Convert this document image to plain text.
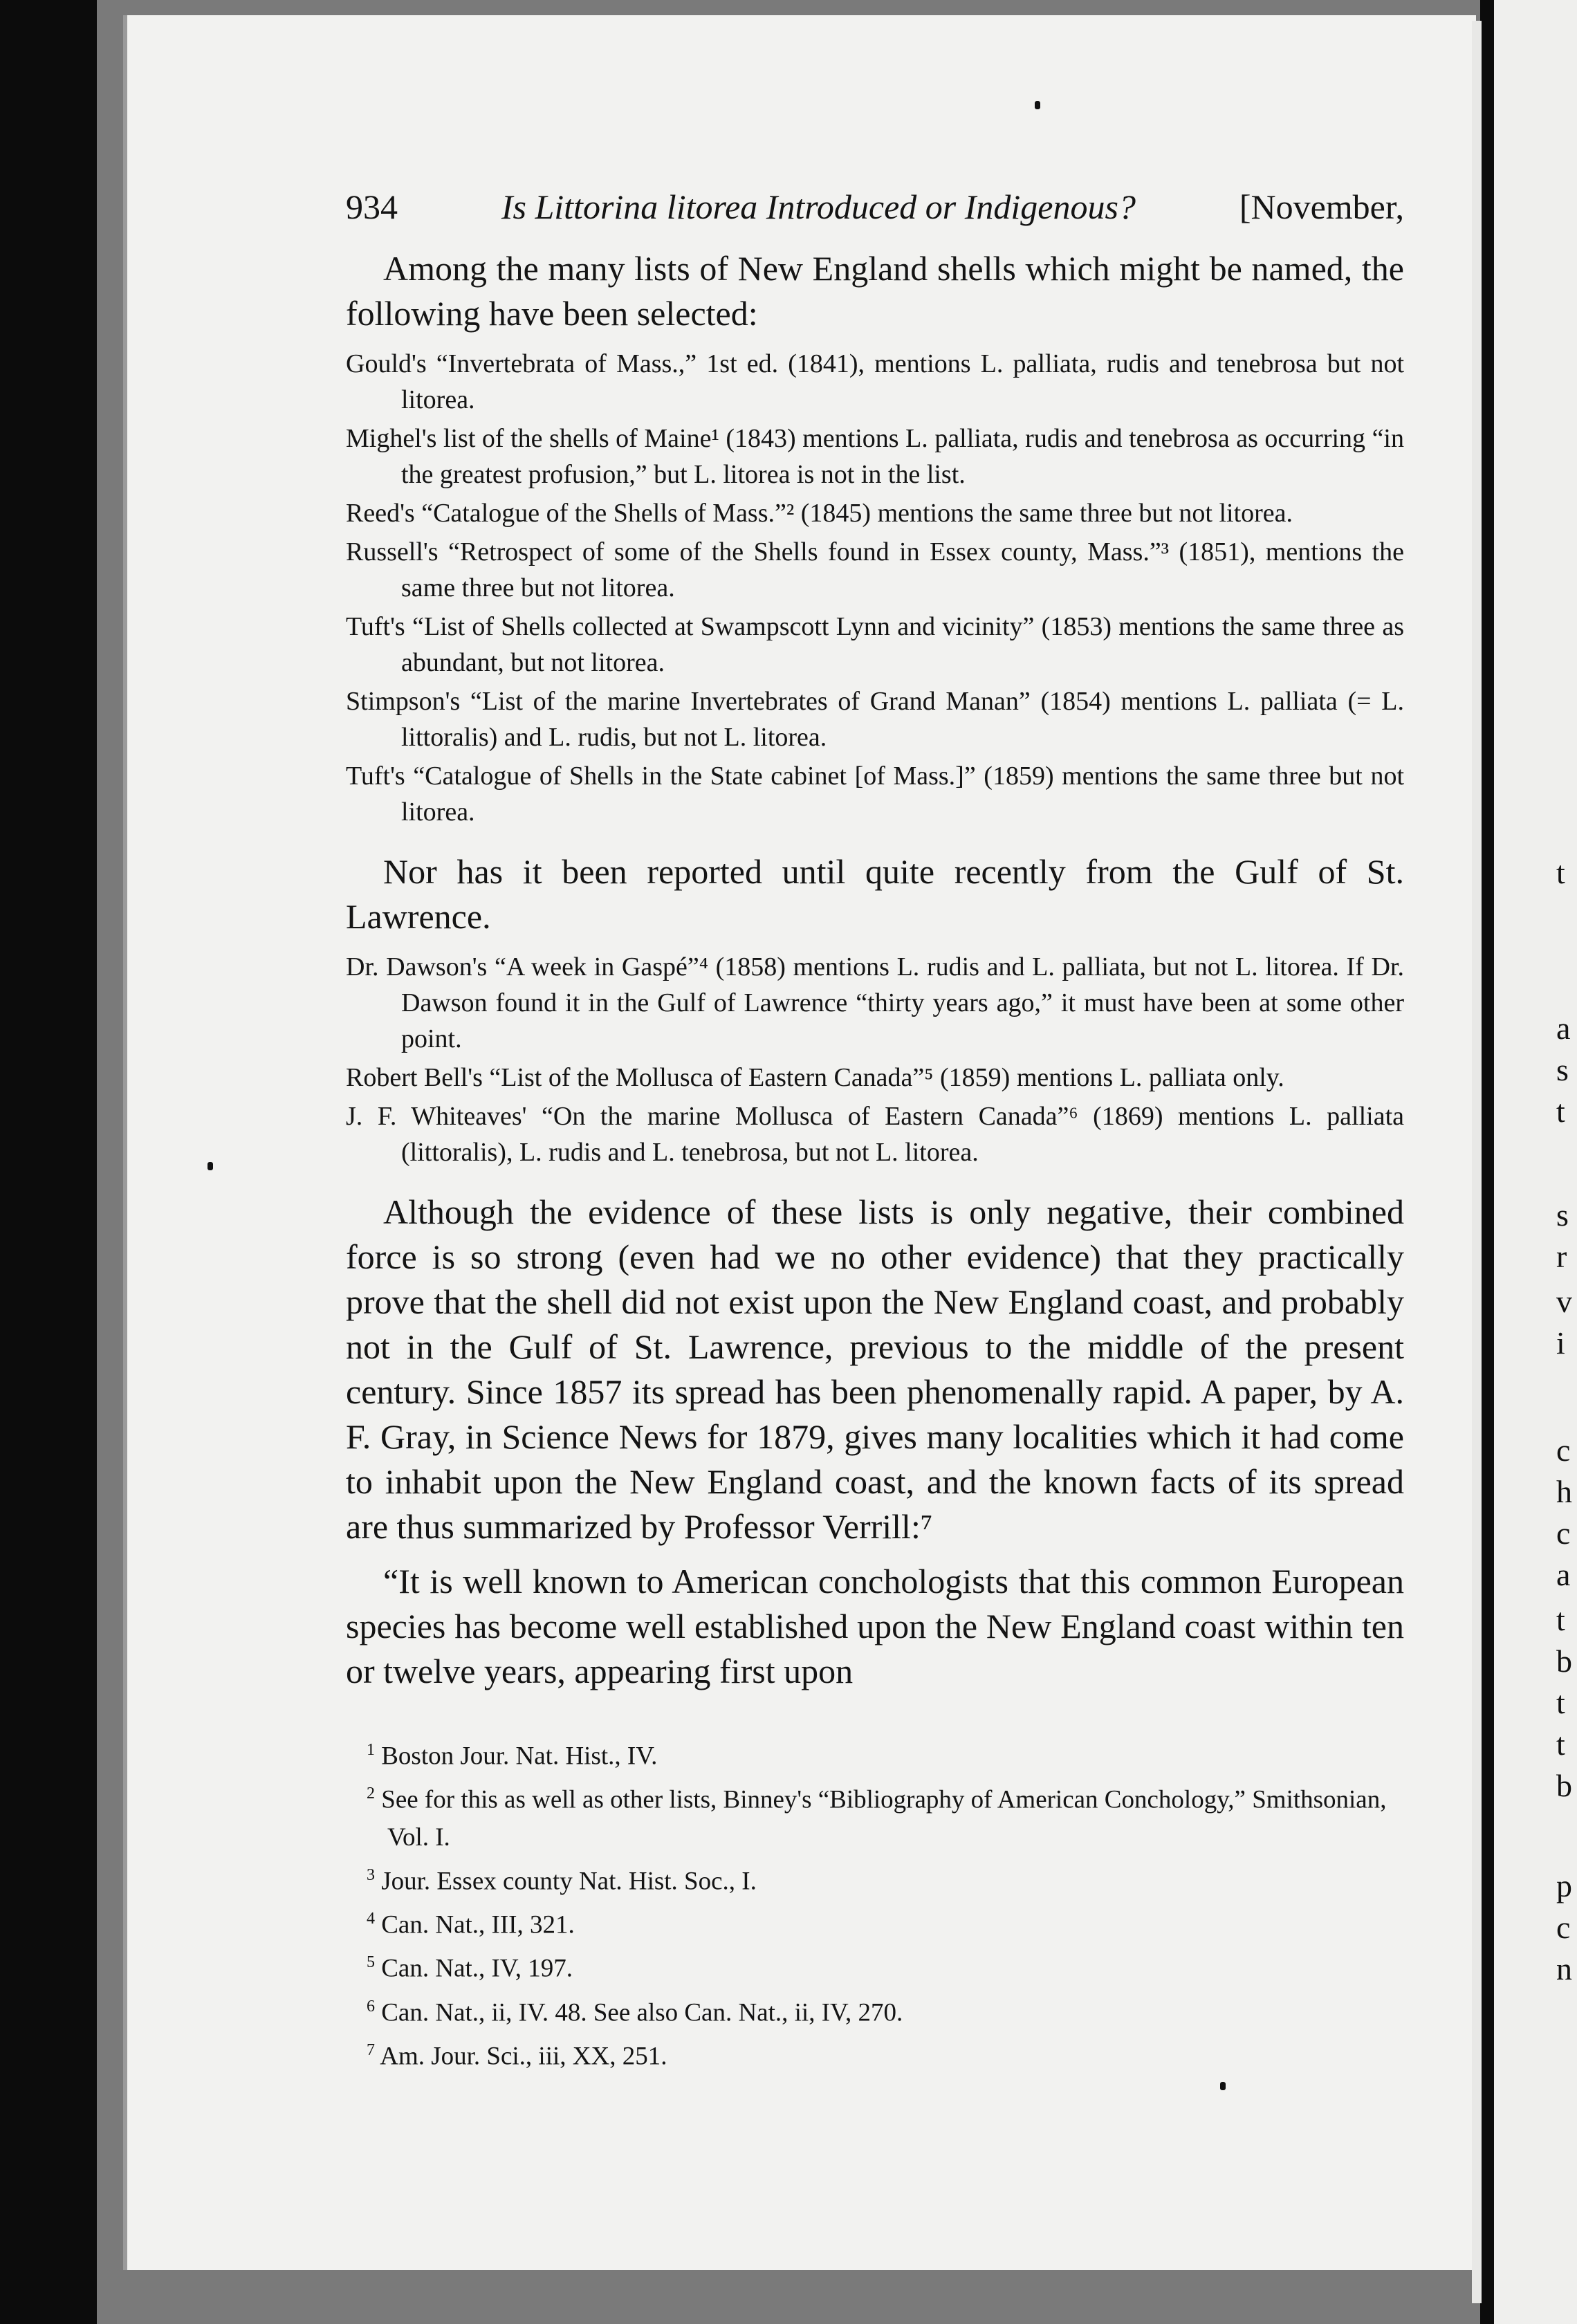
t
a
s
t
s
r
v
i
c
h
c
a
t
b
t
t
b
p
c
n
934	Is Littorina litorea Introduced or Indigenous?	[November,

Among the many lists of New England shells which might be named, the following have been selected:

Gould's “Invertebrata of Mass.,” 1st ed. (1841), mentions L. palliata, rudis and tenebrosa but not litorea.

Mighel's list of the shells of Maine¹ (1843) mentions L. palliata, rudis and tenebrosa as occurring “in the greatest profusion,” but L. litorea is not in the list.

Reed's “Catalogue of the Shells of Mass.”² (1845) mentions the same three but not litorea.

Russell's “Retrospect of some of the Shells found in Essex county, Mass.”³ (1851), mentions the same three but not litorea.

Tuft's “List of Shells collected at Swampscott Lynn and vicinity” (1853) mentions the same three as abundant, but not litorea.

Stimpson's “List of the marine Invertebrates of Grand Manan” (1854) mentions L. palliata (= L. littoralis) and L. rudis, but not L. litorea.

Tuft's “Catalogue of Shells in the State cabinet [of Mass.]” (1859) mentions the same three but not litorea.

Nor has it been reported until quite recently from the Gulf of St. Lawrence.

Dr. Dawson's “A week in Gaspé”⁴ (1858) mentions L. rudis and L. palliata, but not L. litorea. If Dr. Dawson found it in the Gulf of Lawrence “thirty years ago,” it must have been at some other point.

Robert Bell's “List of the Mollusca of Eastern Canada”⁵ (1859) mentions L. palliata only.

J. F. Whiteaves' “On the marine Mollusca of Eastern Canada”⁶ (1869) mentions L. palliata (littoralis), L. rudis and L. tenebrosa, but not L. litorea.

Although the evidence of these lists is only negative, their combined force is so strong (even had we no other evidence) that they practically prove that the shell did not exist upon the New England coast, and probably not in the Gulf of St. Lawrence, previous to the middle of the present century. Since 1857 its spread has been phenomenally rapid. A paper, by A. F. Gray, in Science News for 1879, gives many localities which it had come to inhabit upon the New England coast, and the known facts of its spread are thus summarized by Professor Verrill:⁷

“It is well known to American conchologists that this common European species has become well established upon the New England coast within ten or twelve years, appearing first upon

$^1$ Boston Jour. Nat. Hist., IV.
$^2$ See for this as well as other lists, Binney's “Bibliography of American Conchology,” Smithsonian, Vol. I.
$^3$ Jour. Essex county Nat. Hist. Soc., I.
$^4$ Can. Nat., III, 321.
$^5$ Can. Nat., IV, 197.
$^6$ Can. Nat., ii, IV. 48. See also Can. Nat., ii, IV, 270.
$^7$ Am. Jour. Sci., iii, XX, 251.
